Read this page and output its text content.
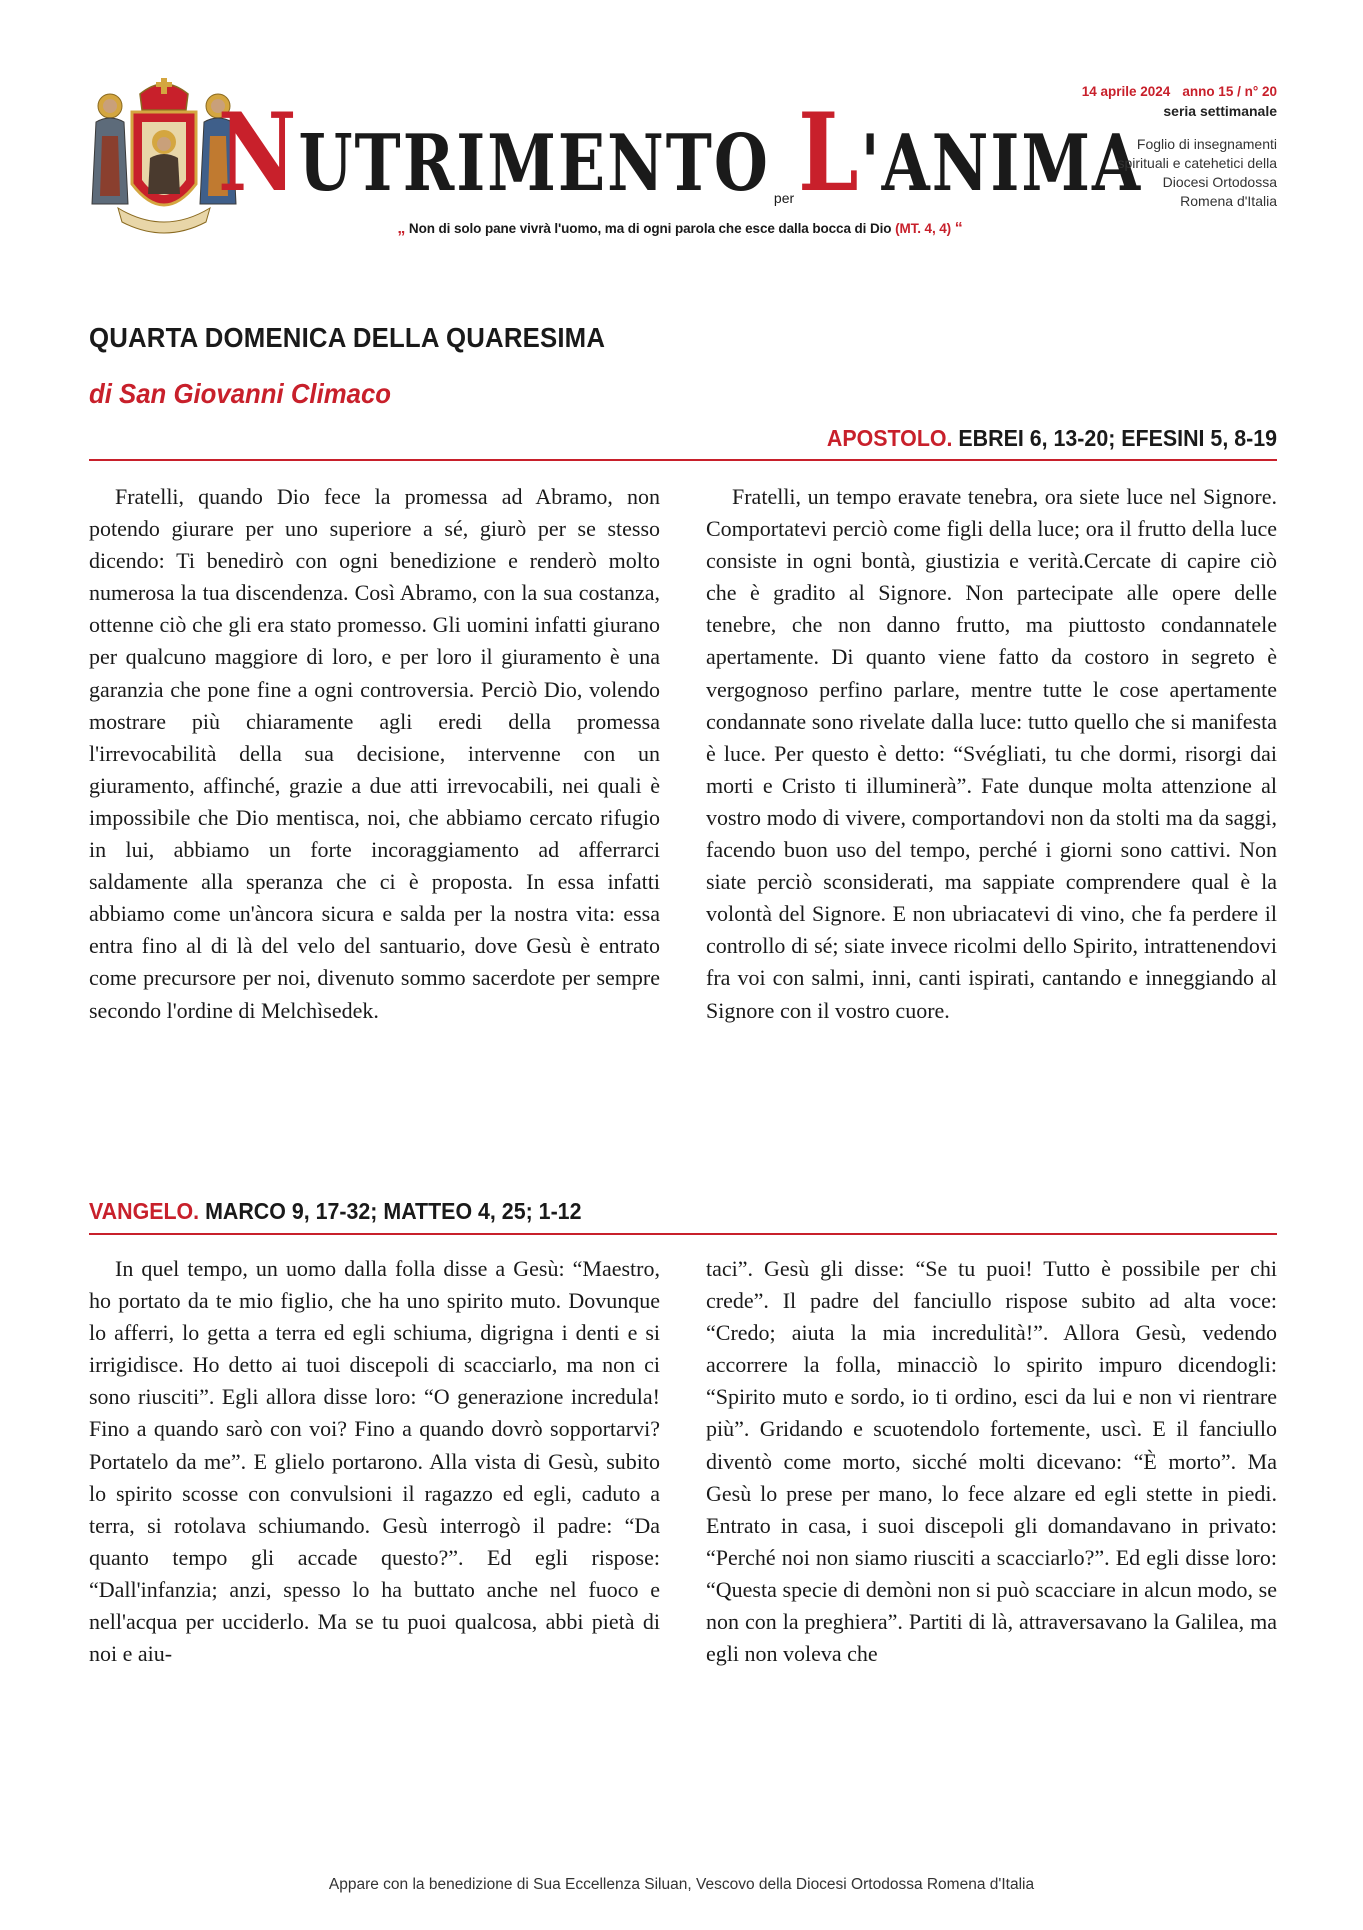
NUTRIMENTO per L'ANIMA
„ Non di solo pane vivrà l'uomo, ma di ogni parola che esce dalla bocca di Dio (MT. 4, 4) “
14 aprile 2024 anno 15 / n° 20
seria settimanale
Foglio di insegnamenti spirituali e catehetici della Diocesi Ortodossa Romena d'Italia
QUARTA DOMENICA DELLA QUARESIMA
di San Giovanni Climaco
APOSTOLO. EBREI 6, 13-20; EFESINI 5, 8-19

Fratelli, quando Dio fece la promessa ad Abramo, non potendo giurare per uno superiore a sé, giurò per se stesso dicendo: Ti benedirò con ogni benedizione e renderò molto numerosa la tua discendenza. Così Abramo, con la sua costanza, ottenne ciò che gli era stato promesso. Gli uomini infatti giurano per qualcuno maggiore di loro, e per loro il giuramento è una garanzia che pone fine a ogni controversia. Perciò Dio, volendo mostrare più chiaramente agli eredi della promessa l'irrevocabilità della sua decisione, intervenne con un giuramento, affinché, grazie a due atti irrevocabili, nei quali è impossibile che Dio mentisca, noi, che abbiamo cercato rifugio in lui, abbiamo un forte incoraggiamento ad afferrarci saldamente alla speranza che ci è proposta. In essa infatti abbiamo come un'àncora sicura e salda per la nostra vita: essa entra fino al di là del velo del santuario, dove Gesù è entrato come precursore per noi, divenuto sommo sacerdote per sempre secondo l'ordine di Melchìsedek.

Fratelli, un tempo eravate tenebra, ora siete luce nel Signore. Comportatevi perciò come figli della luce; ora il frutto della luce consiste in ogni bontà, giustizia e verità.Cercate di capire ciò che è gradito al Signore. Non partecipate alle opere delle tenebre, che non danno frutto, ma piuttosto condannatele apertamente. Di quanto viene fatto da costoro in segreto è vergognoso perfino parlare, mentre tutte le cose apertamente condannate sono rivelate dalla luce: tutto quello che si manifesta è luce. Per questo è detto: “Svégliati, tu che dormi, risorgi dai morti e Cristo ti illuminerà”. Fate dunque molta attenzione al vostro modo di vivere, comportandovi non da stolti ma da saggi, facendo buon uso del tempo, perché i giorni sono cattivi. Non siate perciò sconsiderati, ma sappiate comprendere qual è la volontà del Signore. E non ubriacatevi di vino, che fa perdere il controllo di sé; siate invece ricolmi dello Spirito, intrattenendovi fra voi con salmi, inni, canti ispirati, cantando e inneggiando al Signore con il vostro cuore.

VANGELO. MARCO 9, 17-32; MATTEO 4, 25; 1-12

In quel tempo, un uomo dalla folla disse a Gesù: “Maestro, ho portato da te mio figlio, che ha uno spirito muto. Dovunque lo afferri, lo getta a terra ed egli schiuma, digrigna i denti e si irrigidisce. Ho detto ai tuoi discepoli di scacciarlo, ma non ci sono riusciti”. Egli allora disse loro: “O generazione incredula! Fino a quando sarò con voi? Fino a quando dovrò sopportarvi? Portatelo da me”. E glielo portarono. Alla vista di Gesù, subito lo spirito scosse con convulsioni il ragazzo ed egli, caduto a terra, si rotolava schiumando. Gesù interrogò il padre: “Da quanto tempo gli accade questo?”. Ed egli rispose: “Dall'infanzia; anzi, spesso lo ha buttato anche nel fuoco e nell'acqua per ucciderlo. Ma se tu puoi qualcosa, abbi pietà di noi e aiu-

taci”. Gesù gli disse: “Se tu puoi! Tutto è possibile per chi crede”. Il padre del fanciullo rispose subito ad alta voce: “Credo; aiuta la mia incredulità!”. Allora Gesù, vedendo accorrere la folla, minacciò lo spirito impuro dicendogli: “Spirito muto e sordo, io ti ordino, esci da lui e non vi rientrare più”. Gridando e scuotendolo fortemente, uscì. E il fanciullo diventò come morto, sicché molti dicevano: “È morto”. Ma Gesù lo prese per mano, lo fece alzare ed egli stette in piedi. Entrato in casa, i suoi discepoli gli domandavano in privato: “Perché noi non siamo riusciti a scacciarlo?”. Ed egli disse loro: “Questa specie di demòni non si può scacciare in alcun modo, se non con la preghiera”. Partiti di là, attraversavano la Galilea, ma egli non voleva che

Appare con la benedizione di Sua Eccellenza Siluan, Vescovo della Diocesi Ortodossa Romena d'Italia
